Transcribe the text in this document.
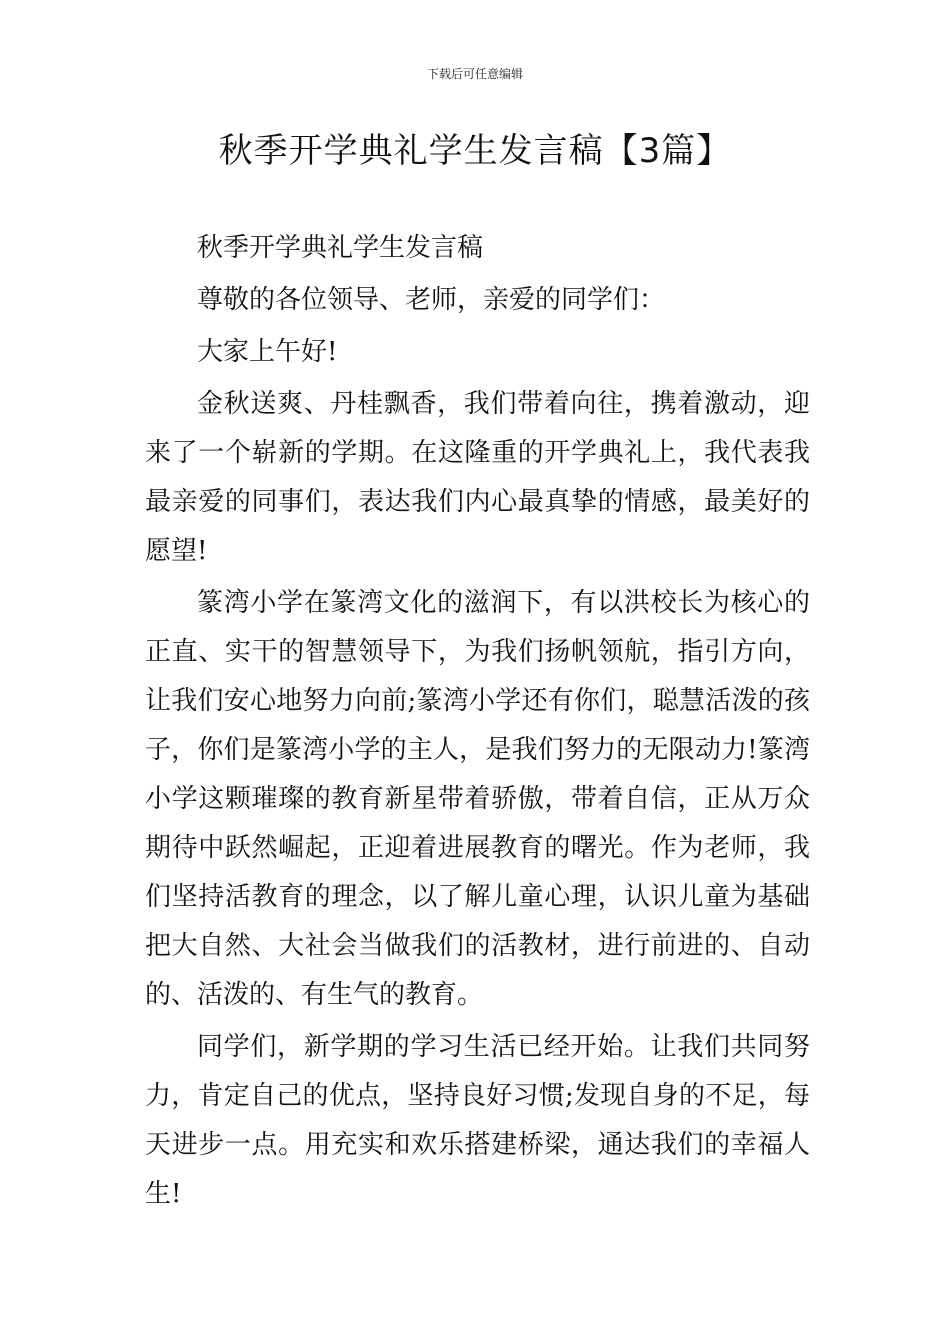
下载后可任意编辑
秋季开学典礼学生发言稿【3篇】

秋季开学典礼学生发言稿

尊敬的各位领导、老师，亲爱的同学们：

大家上午好!

金秋送爽、丹桂飘香，我们带着向往，携着激动，迎来了一个崭新的学期。在这隆重的开学典礼上，我代表我最亲爱的同事们，表达我们内心最真挚的情感，最美好的愿望!

篆湾小学在篆湾文化的滋润下，有以洪校长为核心的正直、实干的智慧领导下，为我们扬帆领航，指引方向，让我们安心地努力向前;篆湾小学还有你们，聪慧活泼的孩子，你们是篆湾小学的主人，是我们努力的无限动力!篆湾小学这颗璀璨的教育新星带着骄傲，带着自信，正从万众期待中跃然崛起，正迎着进展教育的曙光。作为老师，我们坚持活教育的理念，以了解儿童心理，认识儿童为基础把大自然、大社会当做我们的活教材，进行前进的、自动的、活泼的、有生气的教育。

同学们，新学期的学习生活已经开始。让我们共同努力，肯定自己的优点，坚持良好习惯;发现自身的不足，每天进步一点。用充实和欢乐搭建桥梁，通达我们的幸福人生!
